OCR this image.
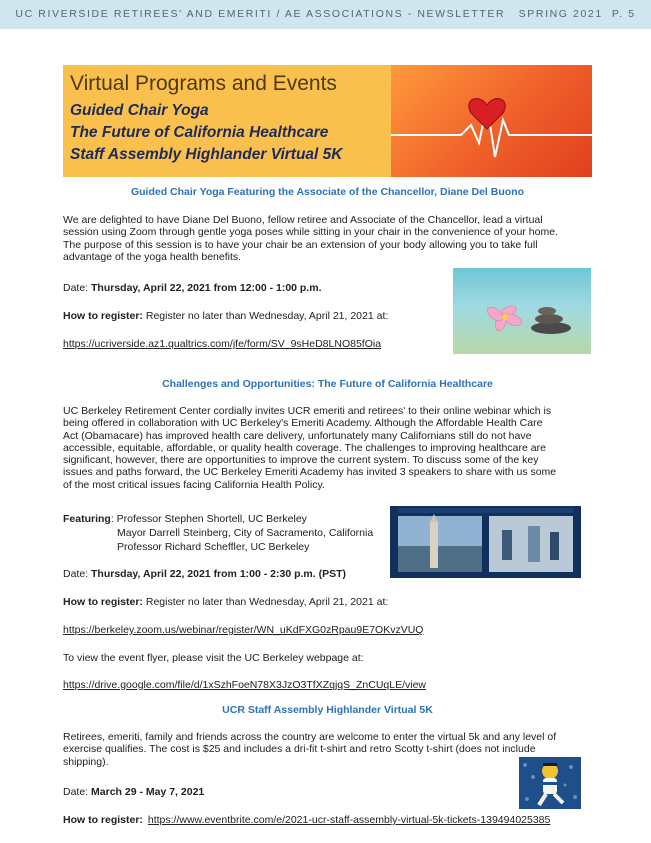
UC RIVERSIDE RETIREES' AND EMERITI / AE ASSOCIATIONS - NEWSLETTER   SPRING 2021  P. 5
Virtual Programs and Events
Guided Chair Yoga
The Future of California Healthcare
Staff Assembly Highlander Virtual 5K
Guided Chair Yoga Featuring the Associate of the Chancellor, Diane Del Buono
We are delighted to have Diane Del Buono, fellow retiree and Associate of the Chancellor, lead a virtual
session using Zoom through gentle yoga poses while sitting in your chair in the convenience of your home.
The purpose of this session is to have your chair be an extension of your body allowing you to take full
advantage of the yoga health benefits.
Date: Thursday, April 22, 2021 from 12:00 - 1:00 p.m.
How to register: Register no later than Wednesday, April 21, 2021 at:
https://ucriverside.az1.qualtrics.com/jfe/form/SV_9sHeD8LNO85fOia
Challenges and Opportunities: The Future of California Healthcare
UC Berkeley Retirement Center cordially invites UCR emeriti and retirees' to their online webinar which is
being offered in collaboration with UC Berkeley's Emeriti Academy. Although the Affordable Health Care
Act (Obamacare) has improved health care delivery, unfortunately many Californians still do not have
accessible, equitable, affordable, or quality health coverage. The challenges to improving healthcare are
significant, however, there are opportunities to improve the current system. To discuss some of the key
issues and paths forward, the UC Berkeley Emeriti Academy has invited 3 speakers to share with us some
of the most critical issues facing California Health Policy.
Featuring: Professor Stephen Shortell, UC Berkeley
Mayor Darrell Steinberg, City of Sacramento, California
Professor Richard Scheffler, UC Berkeley
Date: Thursday, April 22, 2021 from 1:00 - 2:30 p.m. (PST)
How to register: Register no later than Wednesday, April 21, 2021 at:
https://berkeley.zoom.us/webinar/register/WN_uKdFXG0zRpau9E7OKvzVUQ
To view the event flyer, please visit the UC Berkeley webpage at:
https://drive.google.com/file/d/1xSzhFoeN78X3JzO3TfXZqjqS_ZnCUqLE/view
UCR Staff Assembly Highlander Virtual 5K
Retirees, emeriti, family and friends across the country are welcome to enter the virtual 5k and any level of
exercise qualifies. The cost is $25 and includes a dri-fit t-shirt and retro Scotty t-shirt (does not include
shipping).
Date: March 29 - May 7, 2021
How to register: https://www.eventbrite.com/e/2021-ucr-staff-assembly-virtual-5k-tickets-139494025385
